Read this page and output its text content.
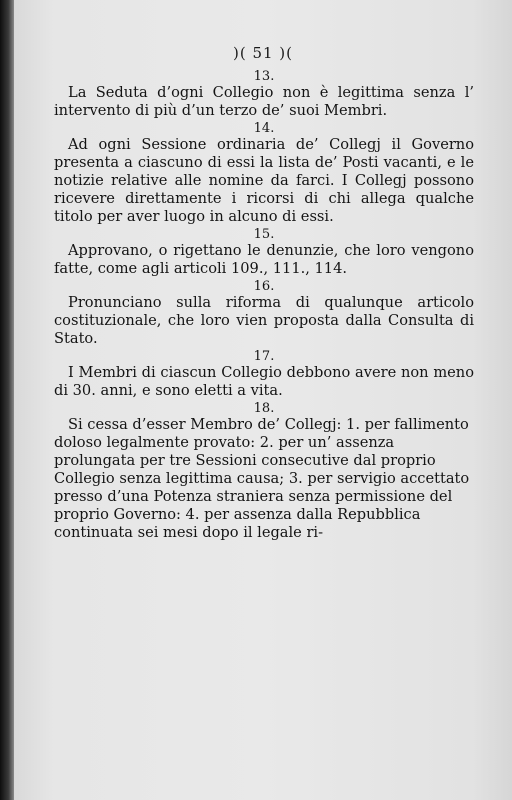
)( 51 )(
13.

La Seduta d’ogni Collegio non è legittima senza l’ intervento di più d’un terzo de’ suoi Membri.

14.

Ad ogni Sessione ordinaria de’ Collegj il Governo presenta a ciascuno di essi la lista de’ Posti vacanti, e le notizie relative alle nomine da farci. I Collegj possono ricevere direttamente i ricorsi di chi allega qualche titolo per aver luogo in alcuno di essi.

15.

Approvano, o rigettano le denunzie, che loro vengono fatte, come agli articoli 109., 111., 114.

16.

Pronunciano sulla riforma di qualunque articolo costituzionale, che loro vien proposta dalla Consulta di Stato.

17.

I Membri di ciascun Collegio debbono avere non meno di 30. anni, e sono eletti a vita.

18.

Si cessa d’esser Membro de’ Collegj: 1. per fallimento doloso legalmente provato: 2. per un’ assenza prolungata per tre Sessioni consecutive dal proprio Collegio senza legittima causa; 3. per servigio accettato presso d’una Potenza straniera senza permissione del proprio Governo: 4. per assenza dalla Repubblica continuata sei mesi dopo il legale ri-
